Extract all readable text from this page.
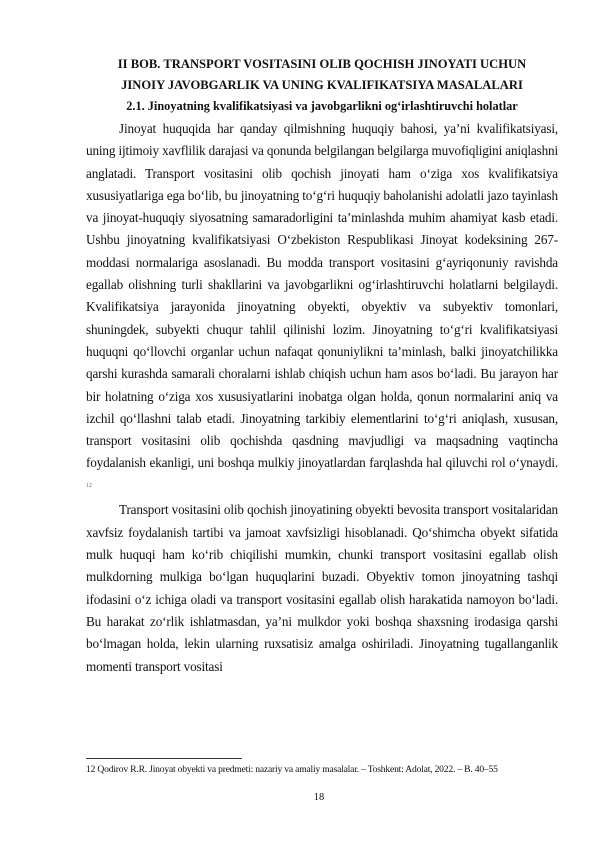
II BOB. TRANSPORT VOSITASINI OLIB QOCHISH JINOYATI UCHUN
JINOIY JAVOBGARLIK VA UNING KVALIFIKATSIYA MASALALARI
2.1. Jinoyatning kvalifikatsiyasi va javobgarlikni og‘irlashtiruvchi holatlar

Jinoyat huquqida har qanday qilmishning huquqiy bahosi, ya’ni kvalifikatsiyasi, uning ijtimoiy xavflilik darajasi va qonunda belgilangan belgilarga muvofiqligini aniqlashni anglatadi. Transport vositasini olib qochish jinoyati ham o‘ziga xos kvalifikatsiya xususiyatlariga ega bo‘lib, bu jinoyatning to‘g‘ri huquqiy baholanishi adolatli jazo tayinlash va jinoyat-huquqiy siyosatning samaradorligini ta’minlashda muhim ahamiyat kasb etadi. Ushbu jinoyatning kvalifikatsiyasi O‘zbekiston Respublikasi Jinoyat kodeksining 267-moddasi normalariga asoslanadi. Bu modda transport vositasini g‘ayriqonuniy ravishda egallab olishning turli shakllarini va javobgarlikni og‘irlashtiruvchi holatlarni belgilaydi. Kvalifikatsiya jarayonida jinoyatning obyekti, obyektiv va subyektiv tomonlari, shuningdek, subyekti chuqur tahlil qilinishi lozim. Jinoyatning to‘g‘ri kvalifikatsiyasi huquqni qo‘llovchi organlar uchun nafaqat qonuniylikni ta’minlash, balki jinoyatchilikka qarshi kurashda samarali choralarni ishlab chiqish uchun ham asos bo‘ladi. Bu jarayon har bir holatning o‘ziga xos xususiyatlarini inobatga olgan holda, qonun normalarini aniq va izchil qo‘llashni talab etadi. Jinoyatning tarkibiy elementlarini to‘g‘ri aniqlash, xususan, transport vositasini olib qochishda qasdning mavjudligi va maqsadning vaqtincha foydalanish ekanligi, uni boshqa mulkiy jinoyatlardan farqlashda hal qiluvchi rol o‘ynaydi. $^{12}$

Transport vositasini olib qochish jinoyatining obyekti bevosita transport vositalaridan xavfsiz foydalanish tartibi va jamoat xavfsizligi hisoblanadi. Qo‘shimcha obyekt sifatida mulk huquqi ham ko‘rib chiqilishi mumkin, chunki transport vositasini egallab olish mulkdorning mulkiga bo‘lgan huquqlarini buzadi. Obyektiv tomon jinoyatning tashqi ifodasini o‘z ichiga oladi va transport vositasini egallab olish harakatida namoyon bo‘ladi. Bu harakat zo‘rlik ishlatmasdan, ya’ni mulkdor yoki boshqa shaxsning irodasiga qarshi bo‘lmagan holda, lekin ularning ruxsatisiz amalga oshiriladi. Jinoyatning tugallanganlik momenti transport vositasi

12 Qodirov R.R. Jinoyat obyekti va predmeti: nazariy va amaliy masalalar. – Toshkent: Adolat, 2022. – B. 40–55
18
